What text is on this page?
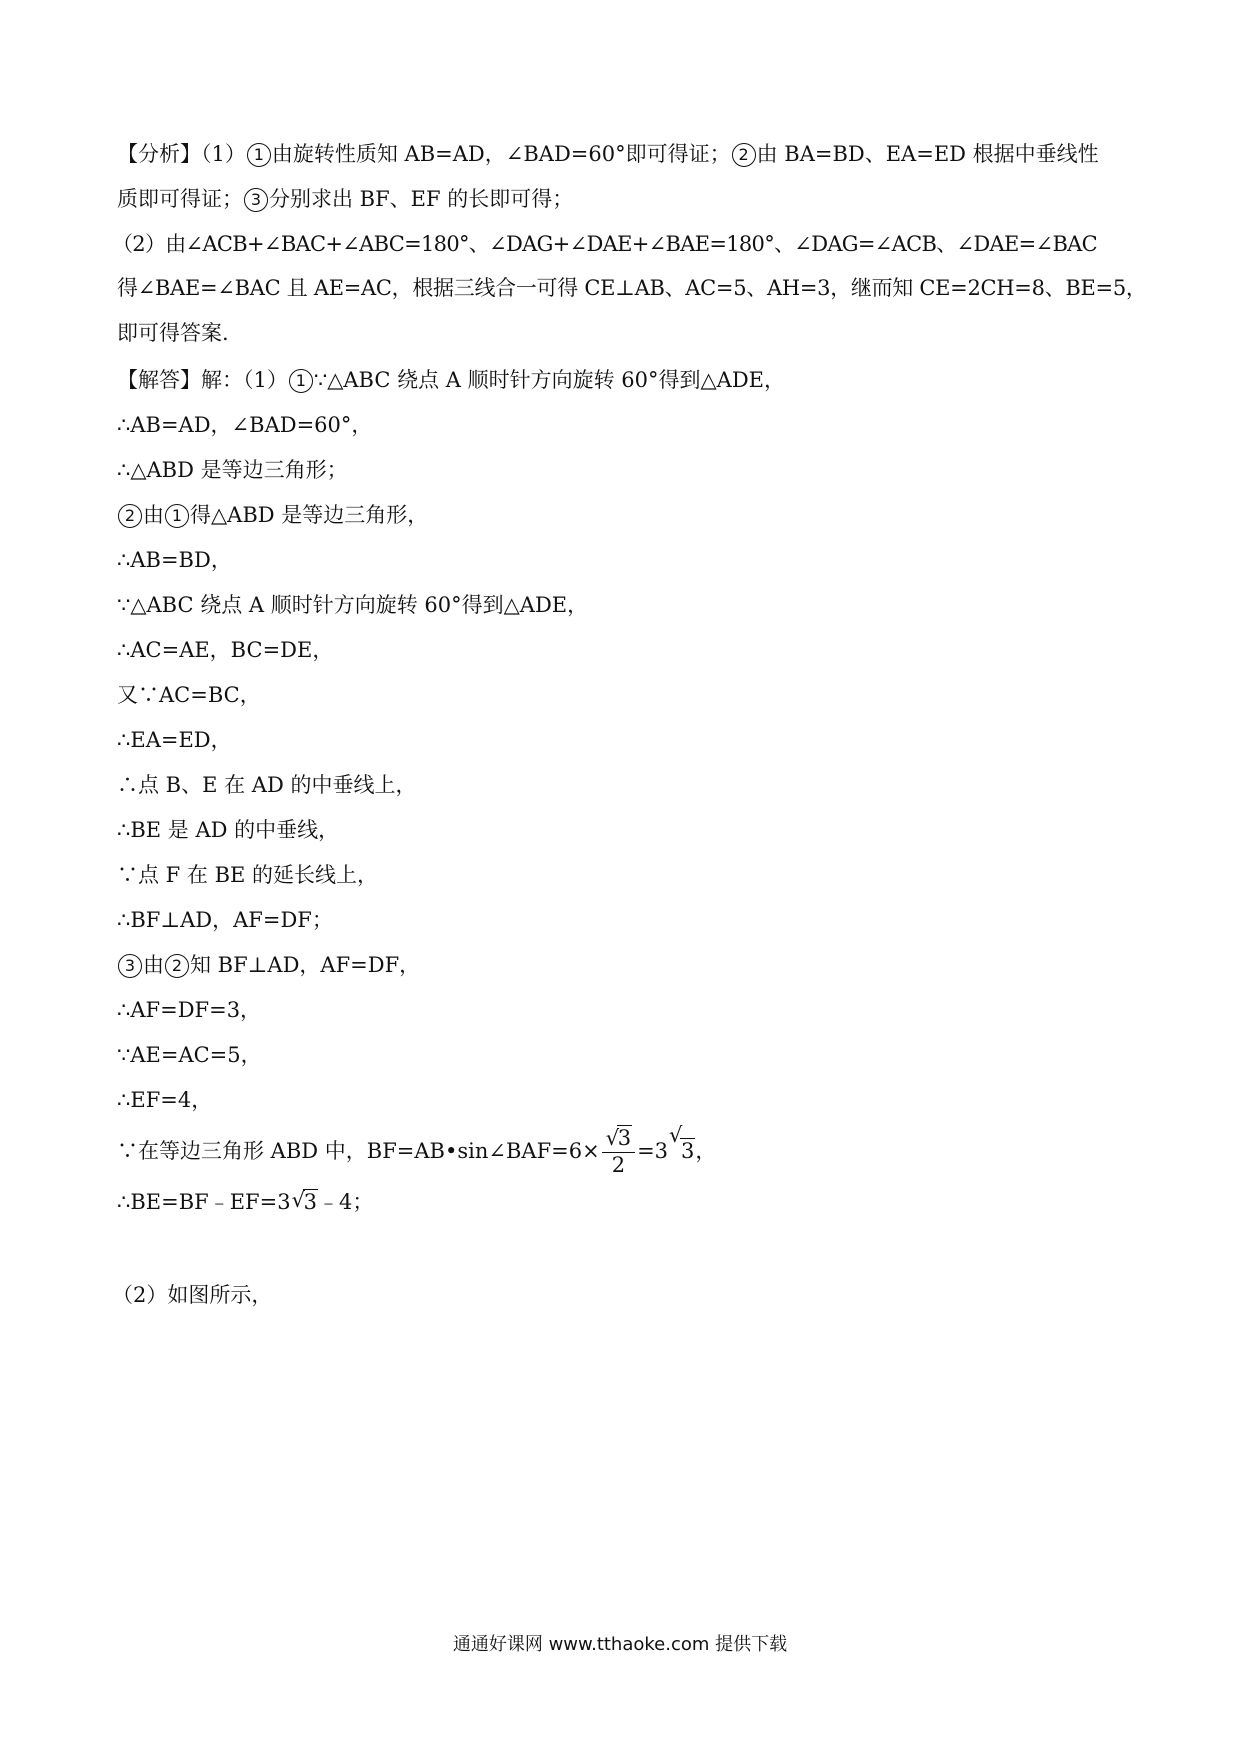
【分析】（1） 1 由旋转性质知 AB=AD，∠BAD=60°即可得证； 2 由 BA=BD、EA=ED 根据中垂线性
质即可得证； 3 分别求出 BF、EF 的长即可得；
（2）由∠ACB+∠BAC+∠ABC=180°、∠DAG+∠DAE+∠BAE=180°、∠DAG=∠ACB、∠DAE=∠BAC
得∠BAE=∠BAC 且 AE=AC，根据三线合一可得 CE⊥AB、AC=5、AH=3，继而知 CE=2CH=8、BE=5，
即可得答案.
【解答】解：（1） 1 ∵△ABC 绕点 A 顺时针方向旋转 60°得到△ADE，
∴AB=AD，∠BAD=60°，
∴△ABD 是等边三角形；
2 由 1 得△ABD 是等边三角形，
∴AB=BD，
∵△ABC 绕点 A 顺时针方向旋转 60°得到△ADE，
∴AC=AE，BC=DE，
又∵AC=BC，
∴EA=ED，
∴点 B、E 在 AD 的中垂线上，
∴BE 是 AD 的中垂线，
∵点 F 在 BE 的延长线上，
∴BF⊥AD，AF=DF；
3 由 2 知 BF⊥AD，AF=DF，
∴AF=DF=3，
∵AE=AC=5，
∴EF=4，
∵在等边三角形 ABD 中，BF=AB•sin∠BAF=6× √
3
2 =3
√
3，
∴BE=BF﹣EF=3 √
3﹣4；
（2）如图所示，
通通好课网 www.tthaoke.com 提供下载
